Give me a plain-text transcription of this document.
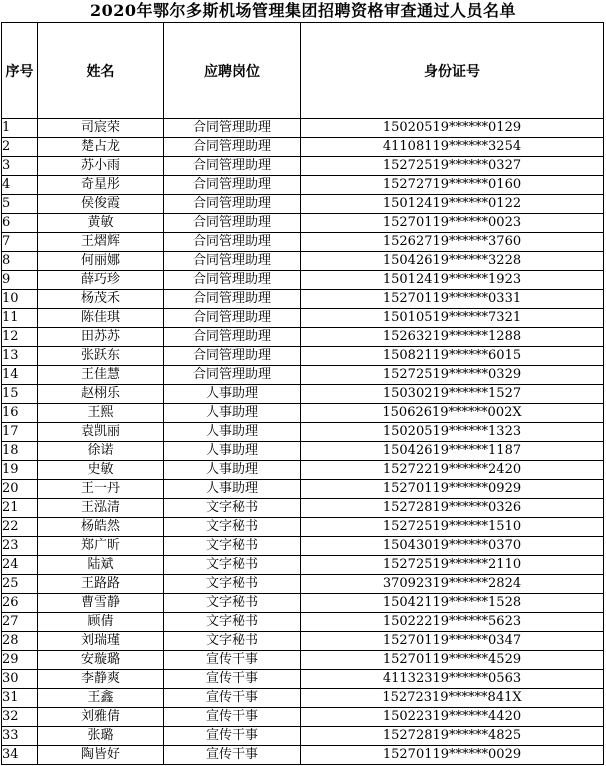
2020年鄂尔多斯机场管理集团招聘资格审查通过人员名单
序号	姓名	应聘岗位	身份证号
1	司宸荣	合同管理助理	15020519******0129
2	楚占龙	合同管理助理	41108119******3254
3	苏小雨	合同管理助理	15272519******0327
4	奇星彤	合同管理助理	15272719******0160
5	侯俊霞	合同管理助理	15012419******0122
6	黄敏	合同管理助理	15270119******0023
7	王熠辉	合同管理助理	15262719******3760
8	何丽娜	合同管理助理	15042619******3228
9	薛巧珍	合同管理助理	15012419******1923
10	杨茂禾	合同管理助理	15270119******0331
11	陈佳琪	合同管理助理	15010519******7321
12	田苏苏	合同管理助理	15263219******1288
13	张跃东	合同管理助理	15082119******6015
14	王佳慧	合同管理助理	15272519******0329
15	赵栩乐	人事助理	15030219******1527
16	王熙	人事助理	15062619******002X
17	袁凯丽	人事助理	15020519******1323
18	徐诺	人事助理	15042619******1187
19	史敏	人事助理	15272219******2420
20	王一丹	人事助理	15270119******0929
21	王泓清	文字秘书	15272819******0326
22	杨皓然	文字秘书	15272519******1510
23	郑广昕	文字秘书	15043019******0370
24	陆斌	文字秘书	15272519******2110
25	王路路	文字秘书	37092319******2824
26	曹雪静	文字秘书	15042119******1528
27	顾倩	文字秘书	15022219******5623
28	刘瑞瑾	文字秘书	15270119******0347
29	安璇璐	宣传干事	15270119******4529
30	李静爽	宣传干事	41132319******0563
31	王鑫	宣传干事	15272319******841X
32	刘雅倩	宣传干事	15022319******4420
33	张璐	宣传干事	15272819******4825
34	陶皆好	宣传干事	15270119******0029
